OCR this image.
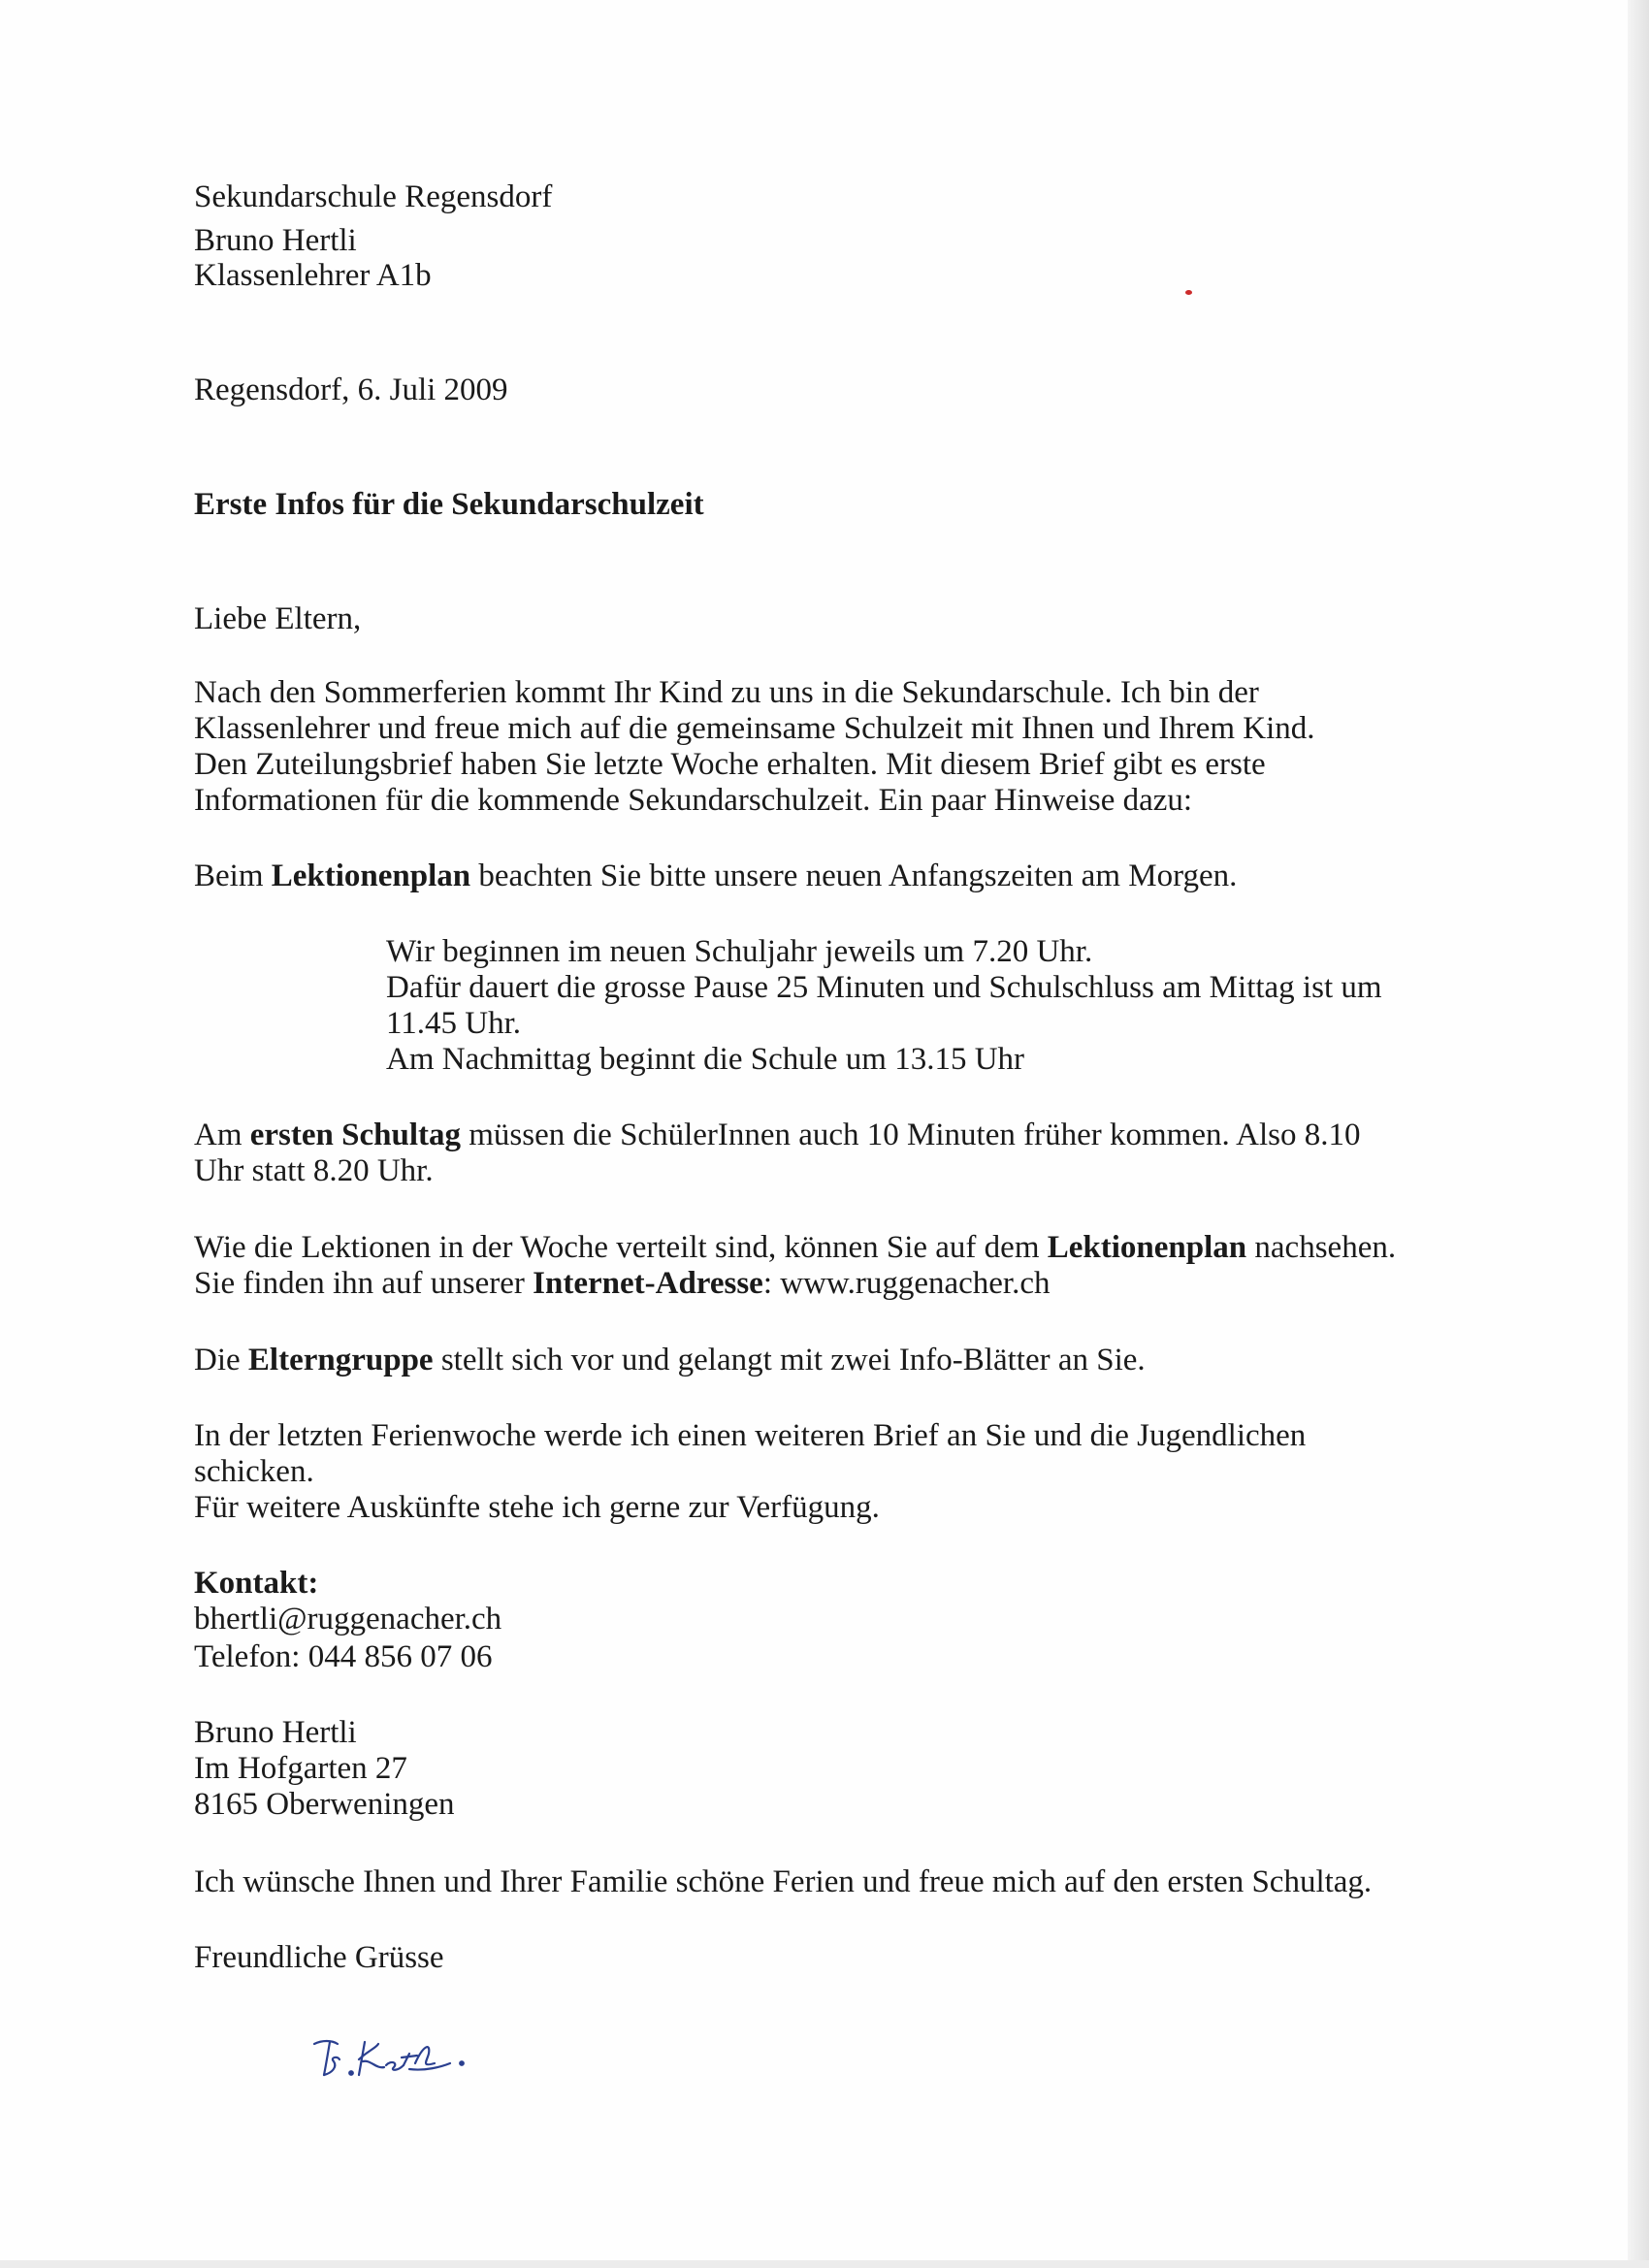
Sekundarschule Regensdorf
Bruno Hertli
Klassenlehrer A1b
Regensdorf, 6. Juli 2009
Erste Infos für die Sekundarschulzeit
Liebe Eltern,
Nach den Sommerferien kommt Ihr Kind zu uns in die Sekundarschule. Ich bin der
Klassenlehrer und freue mich auf die gemeinsame Schulzeit mit Ihnen und Ihrem Kind.
Den Zuteilungsbrief haben Sie letzte Woche erhalten. Mit diesem Brief gibt es erste
Informationen für die kommende Sekundarschulzeit. Ein paar Hinweise dazu:
Beim Lektionenplan beachten Sie bitte unsere neuen Anfangszeiten am Morgen.
Wir beginnen im neuen Schuljahr jeweils um 7.20 Uhr.
Dafür dauert die grosse Pause 25 Minuten und Schulschluss am Mittag ist um
11.45 Uhr.
Am Nachmittag beginnt die Schule um 13.15 Uhr
Am ersten Schultag müssen die SchülerInnen auch 10 Minuten früher kommen. Also 8.10
Uhr statt 8.20 Uhr.
Wie die Lektionen in der Woche verteilt sind, können Sie auf dem Lektionenplan nachsehen.
Sie finden ihn auf unserer Internet-Adresse: www.ruggenacher.ch
Die Elterngruppe stellt sich vor und gelangt mit zwei Info-Blätter an Sie.
In der letzten Ferienwoche werde ich einen weiteren Brief an Sie und die Jugendlichen
schicken.
Für weitere Auskünfte stehe ich gerne zur Verfügung.
Kontakt:
bhertli@ruggenacher.ch
Telefon: 044 856 07 06
Bruno Hertli
Im Hofgarten 27
8165 Oberweningen
Ich wünsche Ihnen und Ihrer Familie schöne Ferien und freue mich auf den ersten Schultag.
Freundliche Grüsse
